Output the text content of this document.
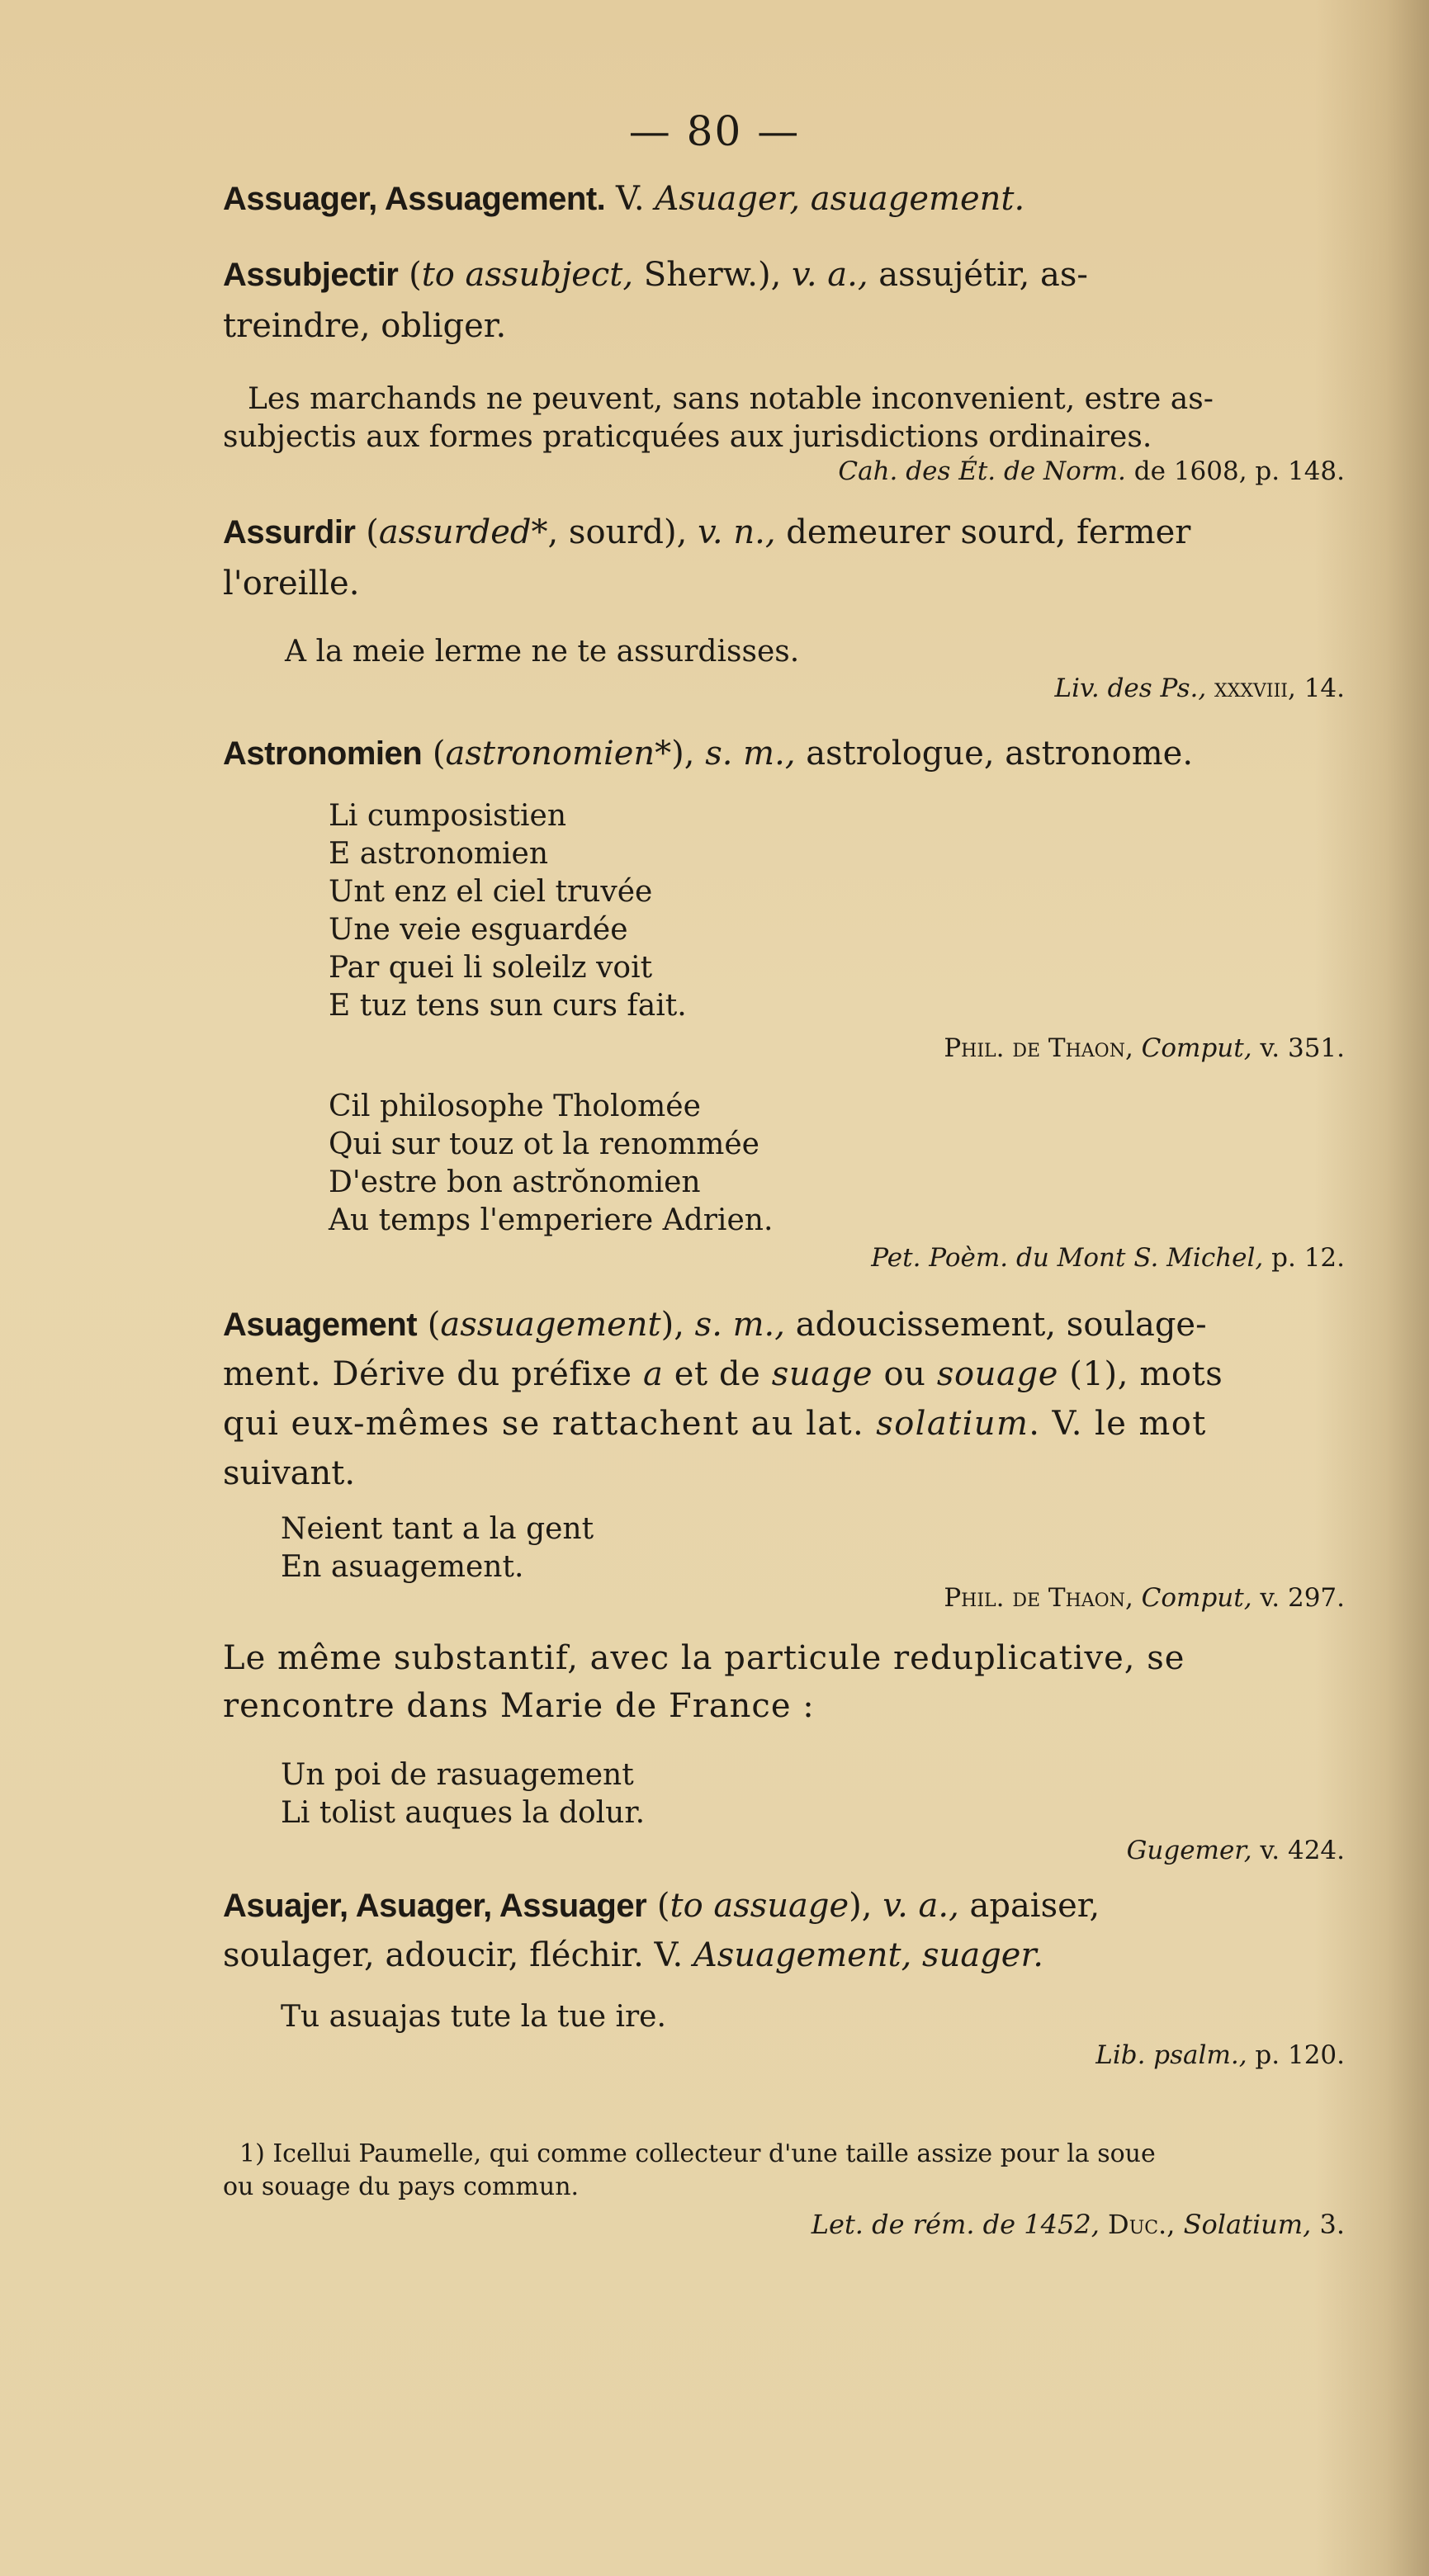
— 80 —
Assuager, Assuagement. V. Asuager, asuagement.
Assubjectir (to assubject, Sherw.), v. a., assujétir, as-
treindre, obliger.
Les marchands ne peuvent, sans notable inconvenient, estre as-
subjectis aux formes praticquées aux jurisdictions ordinaires.
Cah. des Ét. de Norm. de 1608, p. 148.
Assurdir (assurded*, sourd), v. n., demeurer sourd, fermer
l'oreille.
A la meie lerme ne te assurdisses.
Liv. des Ps., xxxviii, 14.
Astronomien (astronomien*), s. m., astrologue, astronome.
Li cumposistien
E astronomien
Unt enz el ciel truvée
Une veie esguardée
Par quei li soleilz voit
E tuz tens sun curs fait.
Phil. de Thaon, Comput, v. 351.
Cil philosophe Tholomée
Qui sur touz ot la renommée
D'estre bon astrŏnomien
Au temps l'emperiere Adrien.
Pet. Poèm. du Mont S. Michel, p. 12.
Asuagement (assuagement), s. m., adoucissement, soulage-
ment. Dérive du préfixe a et de suage ou souage (1), mots
qui eux-mêmes se rattachent au lat. solatium. V. le mot
suivant.
Neient tant a la gent
En asuagement.
Phil. de Thaon, Comput, v. 297.
Le même substantif, avec la particule reduplicative, se
rencontre dans Marie de France :
Un poi de rasuagement
Li tolist auques la dolur.
Gugemer, v. 424.
Asuajer, Asuager, Assuager (to assuage), v. a., apaiser,
soulager, adoucir, fléchir. V. Asuagement, suager.
Tu asuajas tute la tue ire.
Lib. psalm., p. 120.
1) Icellui Paumelle, qui comme collecteur d'une taille assize pour la soue
ou souage du pays commun.
Let. de rém. de 1452, Duc., Solatium, 3.
